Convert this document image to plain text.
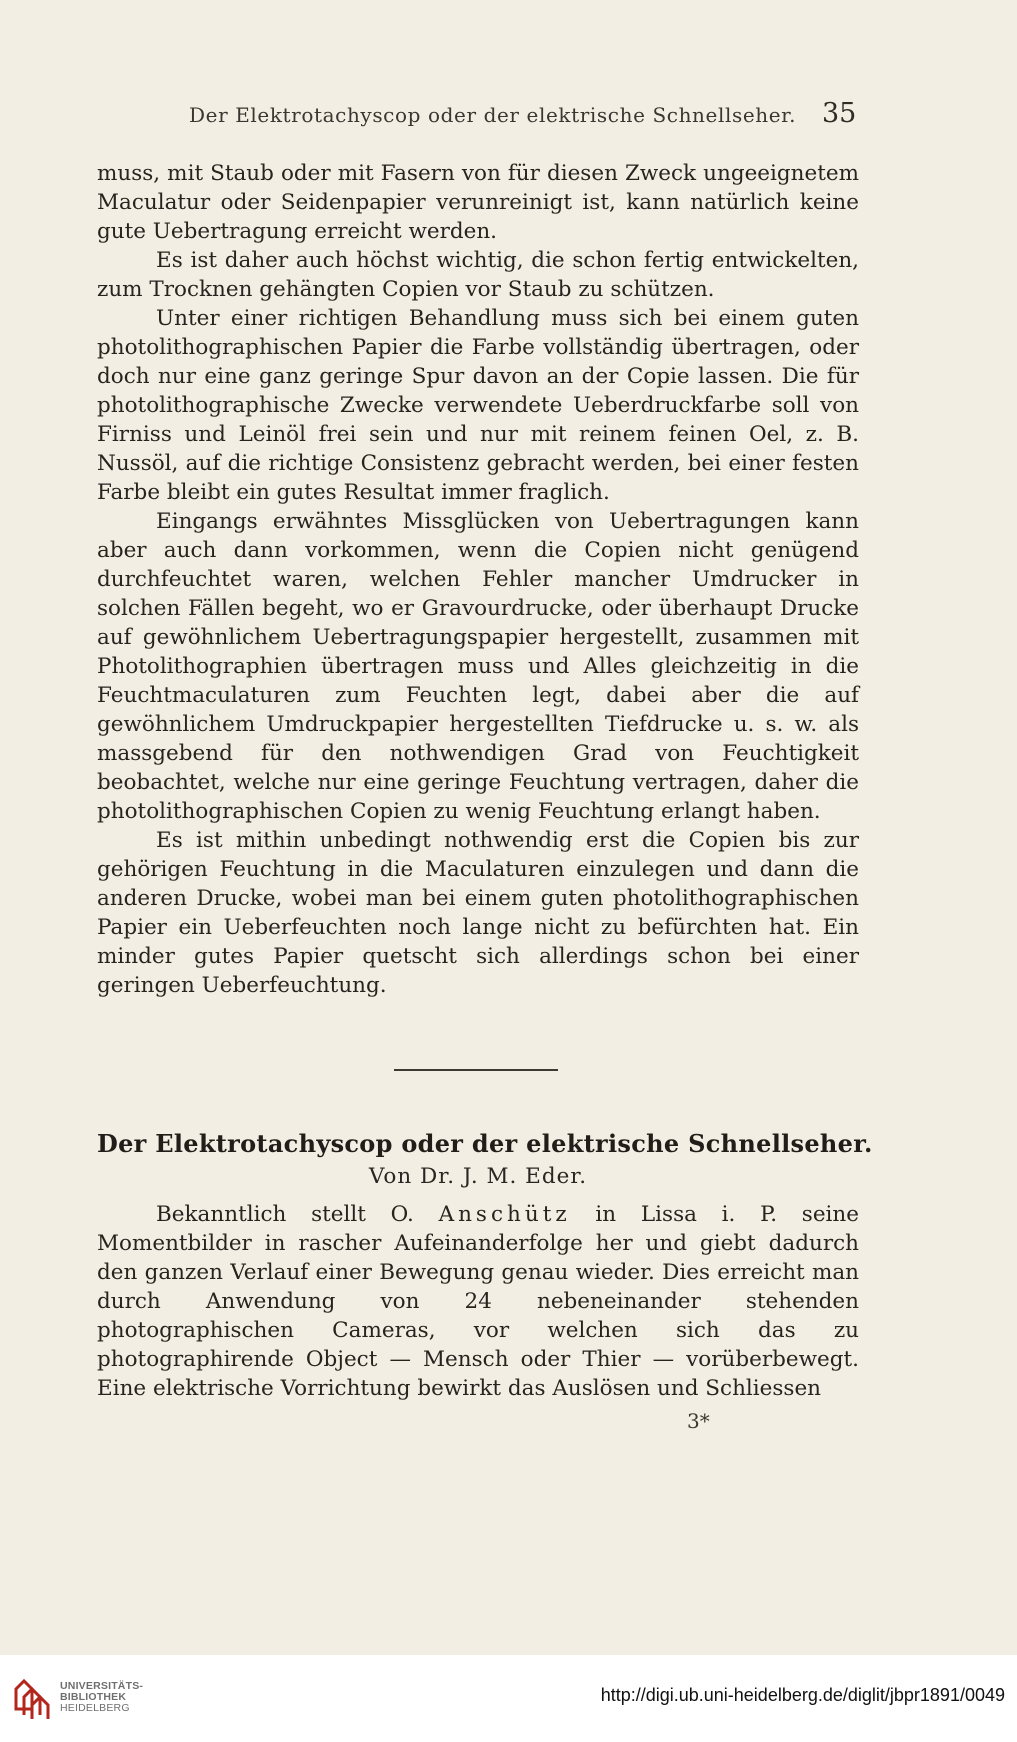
Der Elektrotachyscop oder der elektrische Schnellseher. 35

muss, mit Staub oder mit Fasern von für diesen Zweck ungeeignetem Maculatur oder Seidenpapier verunreinigt ist, kann natürlich keine gute Uebertragung erreicht werden.

Es ist daher auch höchst wichtig, die schon fertig entwickelten, zum Trocknen gehängten Copien vor Staub zu schützen.

Unter einer richtigen Behandlung muss sich bei einem guten photolithographischen Papier die Farbe vollständig übertragen, oder doch nur eine ganz geringe Spur davon an der Copie lassen. Die für photolithographische Zwecke verwendete Ueberdruckfarbe soll von Firniss und Leinöl frei sein und nur mit reinem feinen Oel, z. B. Nussöl, auf die richtige Consistenz gebracht werden, bei einer festen Farbe bleibt ein gutes Resultat immer fraglich.

Eingangs erwähntes Missglücken von Uebertragungen kann aber auch dann vorkommen, wenn die Copien nicht genügend durchfeuchtet waren, welchen Fehler mancher Umdrucker in solchen Fällen begeht, wo er Gravourdrucke, oder überhaupt Drucke auf gewöhnlichem Uebertragungspapier hergestellt, zusammen mit Photolithographien übertragen muss und Alles gleichzeitig in die Feuchtmaculaturen zum Feuchten legt, dabei aber die auf gewöhnlichem Umdruckpapier hergestellten Tiefdrucke u. s. w. als massgebend für den nothwendigen Grad von Feuchtigkeit beobachtet, welche nur eine geringe Feuchtung vertragen, daher die photolithographischen Copien zu wenig Feuchtung erlangt haben.

Es ist mithin unbedingt nothwendig erst die Copien bis zur gehörigen Feuchtung in die Maculaturen einzulegen und dann die anderen Drucke, wobei man bei einem guten photolithographischen Papier ein Ueberfeuchten noch lange nicht zu befürchten hat. Ein minder gutes Papier quetscht sich allerdings schon bei einer geringen Ueberfeuchtung.

Der Elektrotachyscop oder der elektrische Schnellseher.
Von Dr. J. M. Eder.

Bekanntlich stellt O. Anschütz in Lissa i. P. seine Momentbilder in rascher Aufeinanderfolge her und giebt dadurch den ganzen Verlauf einer Bewegung genau wieder. Dies erreicht man durch Anwendung von 24 nebeneinander stehenden photographischen Cameras, vor welchen sich das zu photographirende Object — Mensch oder Thier — vorüberbewegt. Eine elektrische Vorrichtung bewirkt das Auslösen und Schliessen

3*
UNIVERSITÄTS-
BIBLIOTHEK
HEIDELBERG
http://digi.ub.uni-heidelberg.de/diglit/jbpr1891/0049
